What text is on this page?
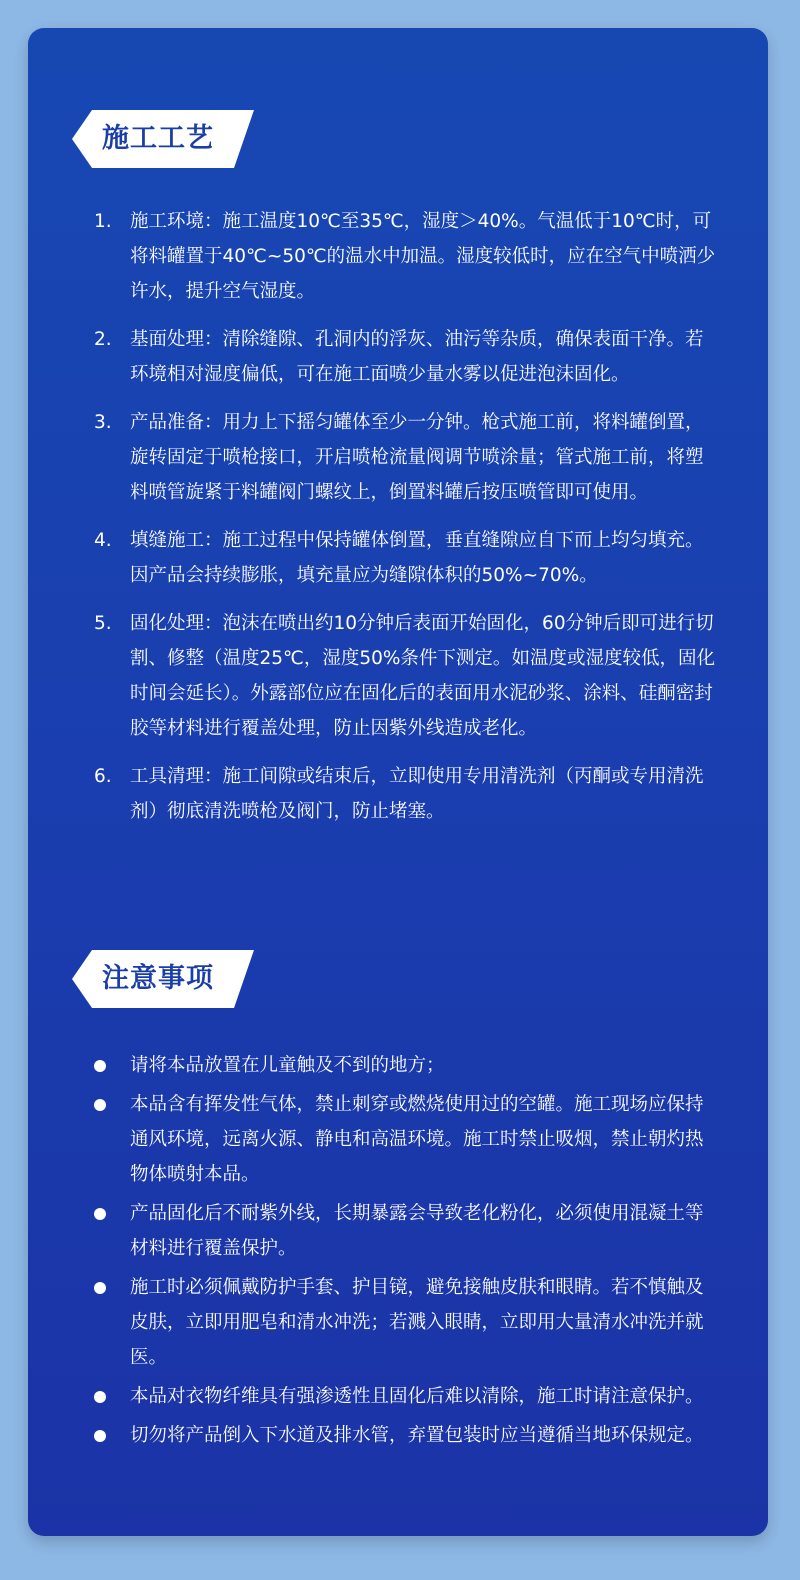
施工工艺
1. 施工环境：施工温度10℃至35℃，湿度＞40%。气温低于10℃时，可将料罐置于40℃~50℃的温水中加温。湿度较低时，应在空气中喷洒少许水，提升空气湿度。
2. 基面处理：清除缝隙、孔洞内的浮灰、油污等杂质，确保表面干净。若环境相对湿度偏低，可在施工面喷少量水雾以促进泡沫固化。
3. 产品准备：用力上下摇匀罐体至少一分钟。枪式施工前，将料罐倒置，旋转固定于喷枪接口，开启喷枪流量阀调节喷涂量；管式施工前，将塑料喷管旋紧于料罐阀门螺纹上，倒置料罐后按压喷管即可使用。
4. 填缝施工：施工过程中保持罐体倒置，垂直缝隙应自下而上均匀填充。因产品会持续膨胀，填充量应为缝隙体积的50%~70%。
5. 固化处理：泡沫在喷出约10分钟后表面开始固化，60分钟后即可进行切割、修整（温度25℃，湿度50%条件下测定。如温度或湿度较低，固化时间会延长）。外露部位应在固化后的表面用水泥砂浆、涂料、硅酮密封胶等材料进行覆盖处理，防止因紫外线造成老化。
6. 工具清理：施工间隙或结束后，立即使用专用清洗剂（丙酮或专用清洗剂）彻底清洗喷枪及阀门，防止堵塞。
注意事项
请将本品放置在儿童触及不到的地方；
本品含有挥发性气体，禁止刺穿或燃烧使用过的空罐。施工现场应保持通风环境，远离火源、静电和高温环境。施工时禁止吸烟，禁止朝灼热物体喷射本品。
产品固化后不耐紫外线，长期暴露会导致老化粉化，必须使用混凝土等材料进行覆盖保护。
施工时必须佩戴防护手套、护目镜，避免接触皮肤和眼睛。若不慎触及皮肤，立即用肥皂和清水冲洗；若溅入眼睛，立即用大量清水冲洗并就医。
本品对衣物纤维具有强渗透性且固化后难以清除，施工时请注意保护。
切勿将产品倒入下水道及排水管，弃置包装时应当遵循当地环保规定。
